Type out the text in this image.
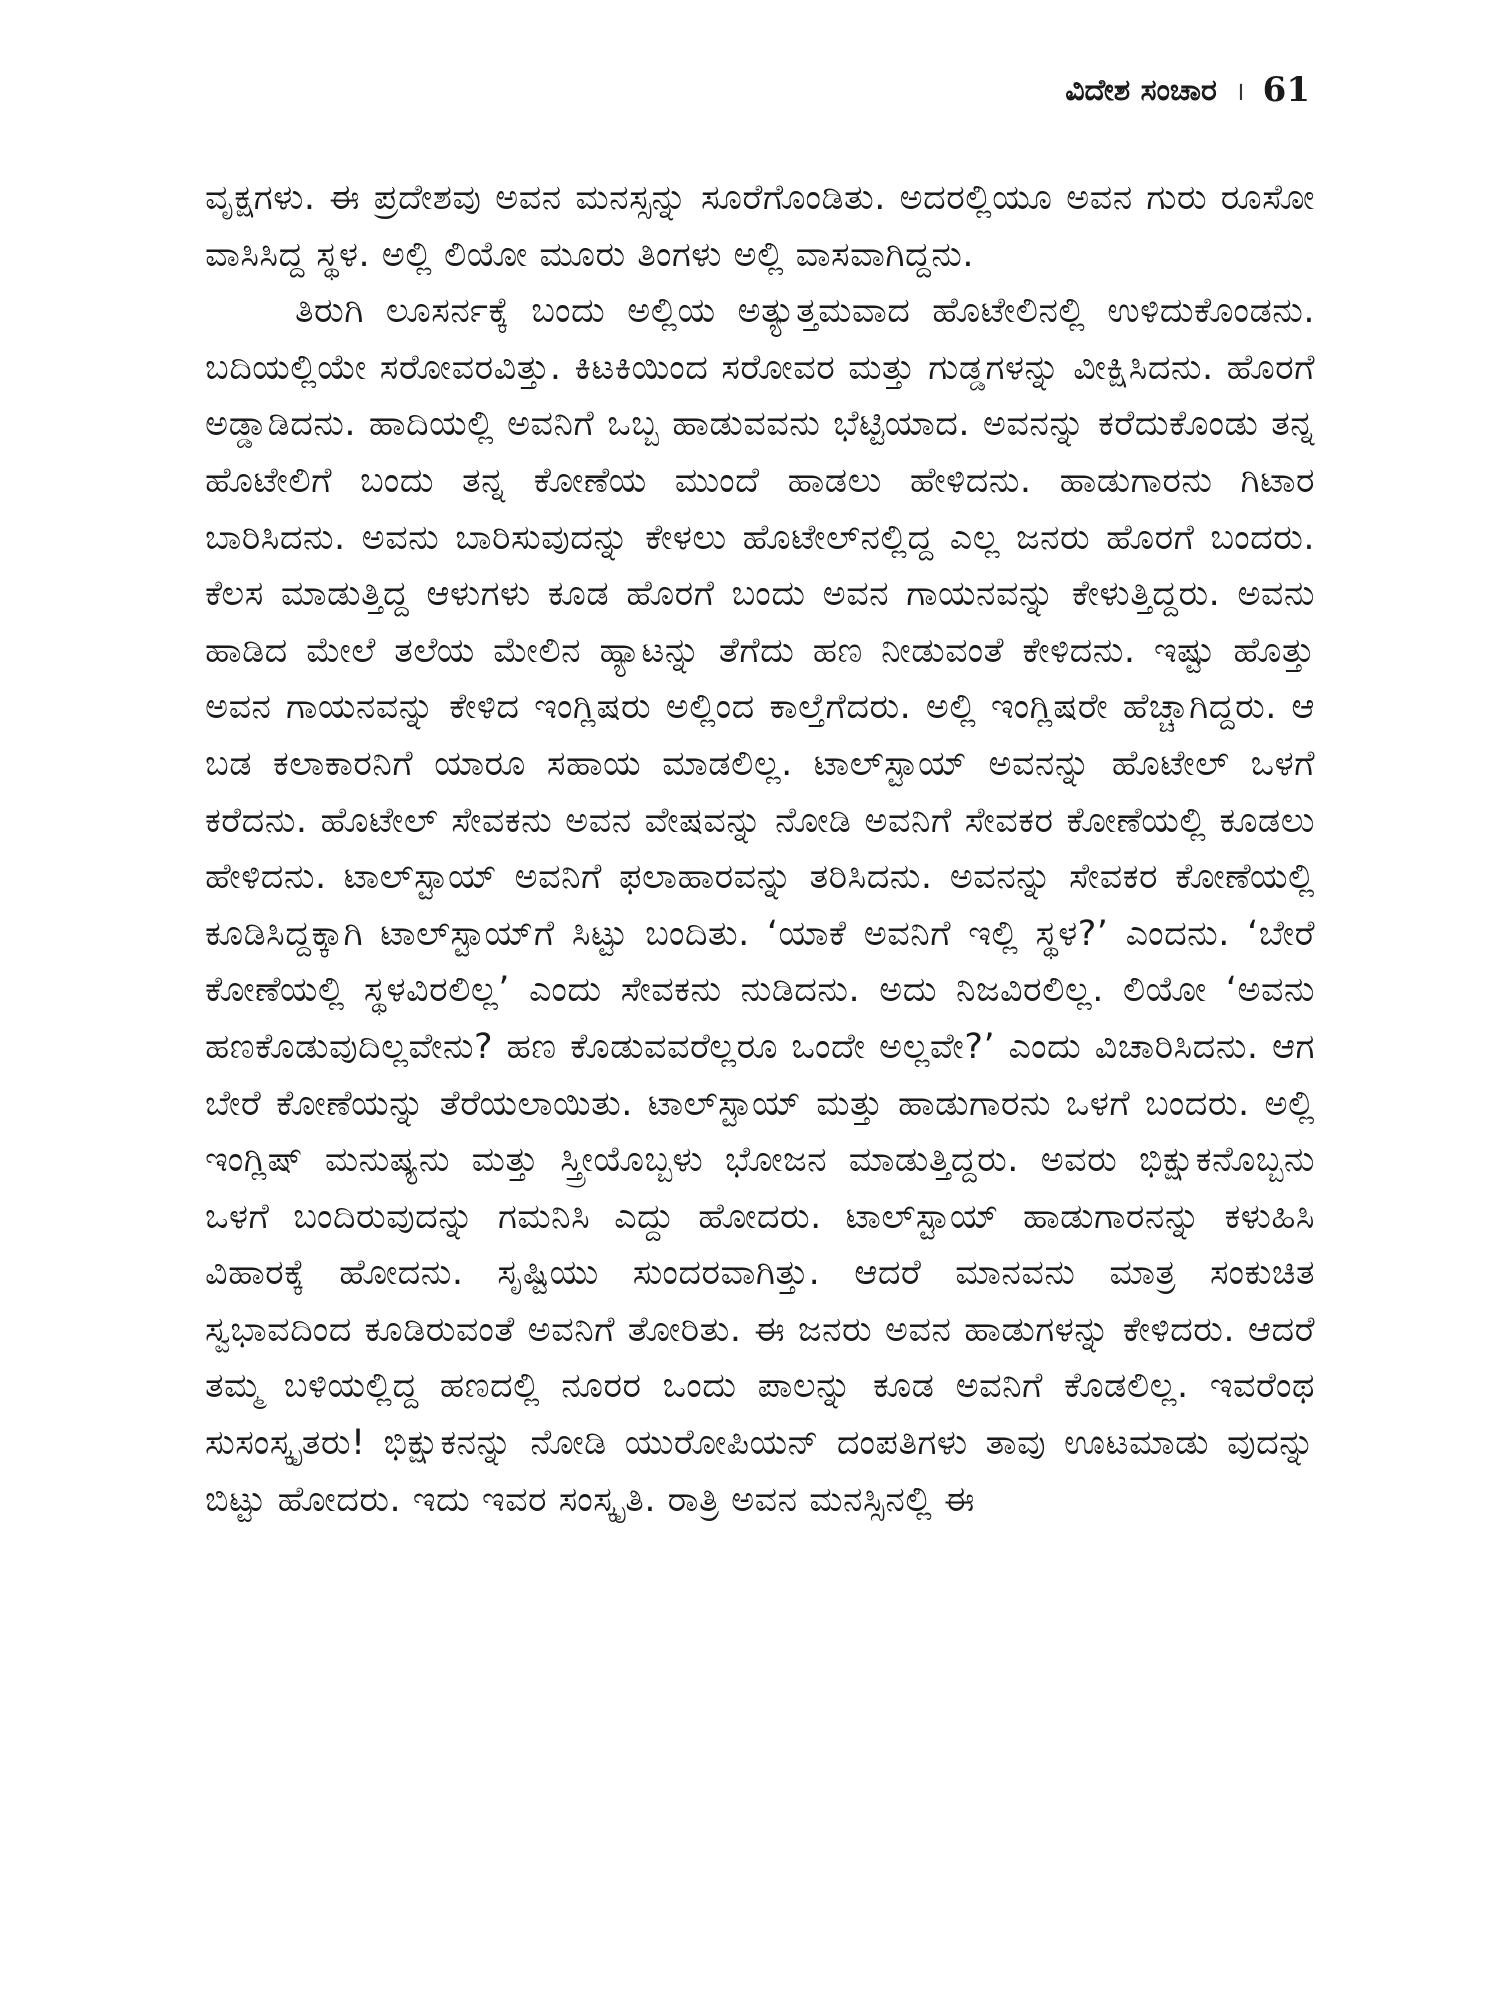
ವಿದೇಶ ಸಂಚಾರ । 61

ವೃಕ್ಷಗಳು. ಈ ಪ್ರದೇಶವು ಅವನ ಮನಸ್ಸನ್ನು ಸೂರೆಗೊಂಡಿತು. ಅದರಲ್ಲಿಯೂ ಅವನ ಗುರು ರೂಸೋ ವಾಸಿಸಿದ್ದ ಸ್ಥಳ. ಅಲ್ಲಿ ಲಿಯೋ ಮೂರು ತಿಂಗಳು ಅಲ್ಲಿ ವಾಸವಾಗಿದ್ದನು.

ತಿರುಗಿ ಲೂಸರ್ನಕ್ಕೆ ಬಂದು ಅಲ್ಲಿಯ ಅತ್ಯುತ್ತಮವಾದ ಹೊಟೇಲಿನಲ್ಲಿ ಉಳಿದುಕೊಂಡನು. ಬದಿಯಲ್ಲಿಯೇ ಸರೋವರವಿತ್ತು. ಕಿಟಕಿಯಿಂದ ಸರೋವರ ಮತ್ತು ಗುಡ್ಡಗಳನ್ನು ವೀಕ್ಷಿಸಿದನು. ಹೊರಗೆ ಅಡ್ಡಾಡಿದನು. ಹಾದಿಯಲ್ಲಿ ಅವನಿಗೆ ಒಬ್ಬ ಹಾಡುವವನು ಭೆಟ್ಟಿಯಾದ. ಅವನನ್ನು ಕರೆದುಕೊಂಡು ತನ್ನ ಹೊಟೇಲಿಗೆ ಬಂದು ತನ್ನ ಕೋಣೆಯ ಮುಂದೆ ಹಾಡಲು ಹೇಳಿದನು. ಹಾಡುಗಾರನು ಗಿಟಾರ ಬಾರಿಸಿದನು. ಅವನು ಬಾರಿಸುವುದನ್ನು ಕೇಳಲು ಹೊಟೇಲ್‌ನಲ್ಲಿದ್ದ ಎಲ್ಲ ಜನರು ಹೊರಗೆ ಬಂದರು. ಕೆಲಸ ಮಾಡುತ್ತಿದ್ದ ಆಳುಗಳು ಕೂಡ ಹೊರಗೆ ಬಂದು ಅವನ ಗಾಯನವನ್ನು ಕೇಳುತ್ತಿದ್ದರು. ಅವನು ಹಾಡಿದ ಮೇಲೆ ತಲೆಯ ಮೇಲಿನ ಹ್ಯಾಟನ್ನು ತೆಗೆದು ಹಣ ನೀಡುವಂತೆ ಕೇಳಿದನು. ಇಷ್ಟು ಹೊತ್ತು ಅವನ ಗಾಯನವನ್ನು ಕೇಳಿದ ಇಂಗ್ಲಿಷರು ಅಲ್ಲಿಂದ ಕಾಲ್ತೆಗೆದರು. ಅಲ್ಲಿ ಇಂಗ್ಲಿಷರೇ ಹೆಚ್ಚಾಗಿದ್ದರು. ಆ ಬಡ ಕಲಾಕಾರನಿಗೆ ಯಾರೂ ಸಹಾಯ ಮಾಡಲಿಲ್ಲ. ಟಾಲ್‌ಸ್ಟಾಯ್ ಅವನನ್ನು ಹೊಟೇಲ್ ಒಳಗೆ ಕರೆದನು. ಹೊಟೇಲ್ ಸೇವಕನು ಅವನ ವೇಷವನ್ನು ನೋಡಿ ಅವನಿಗೆ ಸೇವಕರ ಕೋಣೆಯಲ್ಲಿ ಕೂಡಲು ಹೇಳಿದನು. ಟಾಲ್‌ಸ್ಟಾಯ್ ಅವನಿಗೆ ಫಲಾಹಾರವನ್ನು ತರಿಸಿದನು. ಅವನನ್ನು ಸೇವಕರ ಕೋಣೆಯಲ್ಲಿ ಕೂಡಿಸಿದ್ದಕ್ಕಾಗಿ ಟಾಲ್‌ಸ್ಟಾಯ್‌ಗೆ ಸಿಟ್ಟು ಬಂದಿತು. ‘ಯಾಕೆ ಅವನಿಗೆ ಇಲ್ಲಿ ಸ್ಥಳ?’ ಎಂದನು. ‘ಬೇರೆ ಕೋಣೆಯಲ್ಲಿ ಸ್ಥಳವಿರಲಿಲ್ಲ’ ಎಂದು ಸೇವಕನು ನುಡಿದನು. ಅದು ನಿಜವಿರಲಿಲ್ಲ. ಲಿಯೋ ‘ಅವನು ಹಣಕೊಡುವುದಿಲ್ಲವೇನು? ಹಣ ಕೊಡುವವರೆಲ್ಲರೂ ಒಂದೇ ಅಲ್ಲವೇ?’ ಎಂದು ವಿಚಾರಿಸಿದನು. ಆಗ ಬೇರೆ ಕೋಣೆಯನ್ನು ತೆರೆಯಲಾಯಿತು. ಟಾಲ್‌ಸ್ಟಾಯ್ ಮತ್ತು ಹಾಡುಗಾರನು ಒಳಗೆ ಬಂದರು. ಅಲ್ಲಿ ಇಂಗ್ಲಿಷ್ ಮನುಷ್ಯನು ಮತ್ತು ಸ್ತ್ರೀಯೊಬ್ಬಳು ಭೋಜನ ಮಾಡುತ್ತಿದ್ದರು. ಅವರು ಭಿಕ್ಷುಕನೊಬ್ಬನು ಒಳಗೆ ಬಂದಿರುವುದನ್ನು ಗಮನಿಸಿ ಎದ್ದು ಹೋದರು. ಟಾಲ್‌ಸ್ಟಾಯ್ ಹಾಡುಗಾರನನ್ನು ಕಳುಹಿಸಿ ವಿಹಾರಕ್ಕೆ ಹೋದನು. ಸೃಷ್ಟಿಯು ಸುಂದರವಾಗಿತ್ತು. ಆದರೆ ಮಾನವನು ಮಾತ್ರ ಸಂಕುಚಿತ ಸ್ವಭಾವದಿಂದ ಕೂಡಿರುವಂತೆ ಅವನಿಗೆ ತೋರಿತು. ಈ ಜನರು ಅವನ ಹಾಡುಗಳನ್ನು ಕೇಳಿದರು. ಆದರೆ ತಮ್ಮ ಬಳಿಯಲ್ಲಿದ್ದ ಹಣದಲ್ಲಿ ನೂರರ ಒಂದು ಪಾಲನ್ನು ಕೂಡ ಅವನಿಗೆ ಕೊಡಲಿಲ್ಲ. ಇವರೆಂಥ ಸುಸಂಸ್ಕೃತರು! ಭಿಕ್ಷುಕನನ್ನು ನೋಡಿ ಯುರೋಪಿಯನ್ ದಂಪತಿಗಳು ತಾವು ಊಟಮಾಡು ವುದನ್ನು ಬಿಟ್ಟು ಹೋದರು. ಇದು ಇವರ ಸಂಸ್ಕೃತಿ. ರಾತ್ರಿ ಅವನ ಮನಸ್ಸಿನಲ್ಲಿ ಈ
